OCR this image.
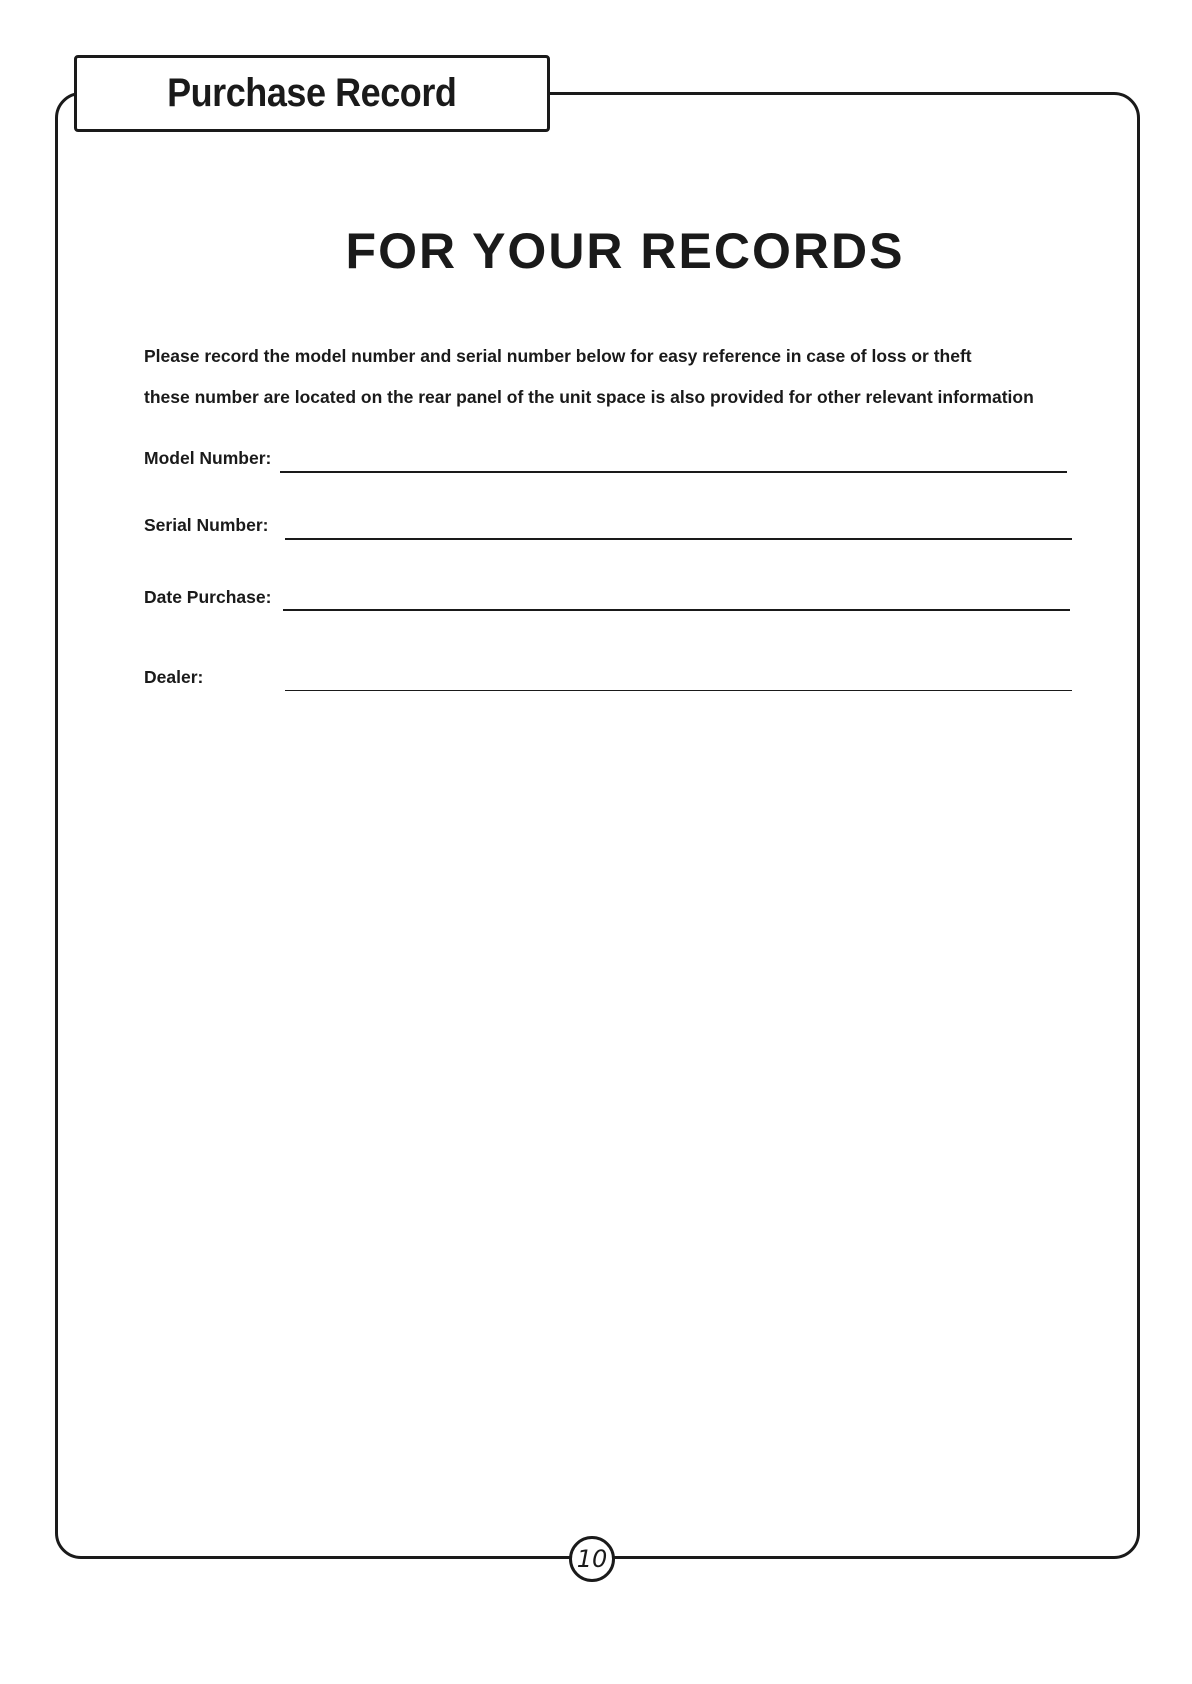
Purchase Record
FOR YOUR RECORDS
Please record the model number and serial number below for easy reference in case of loss or theft
these number are located on the rear panel of the unit space is also provided for other relevant information
Model Number:
Serial Number:
Date Purchase:
Dealer:
10
